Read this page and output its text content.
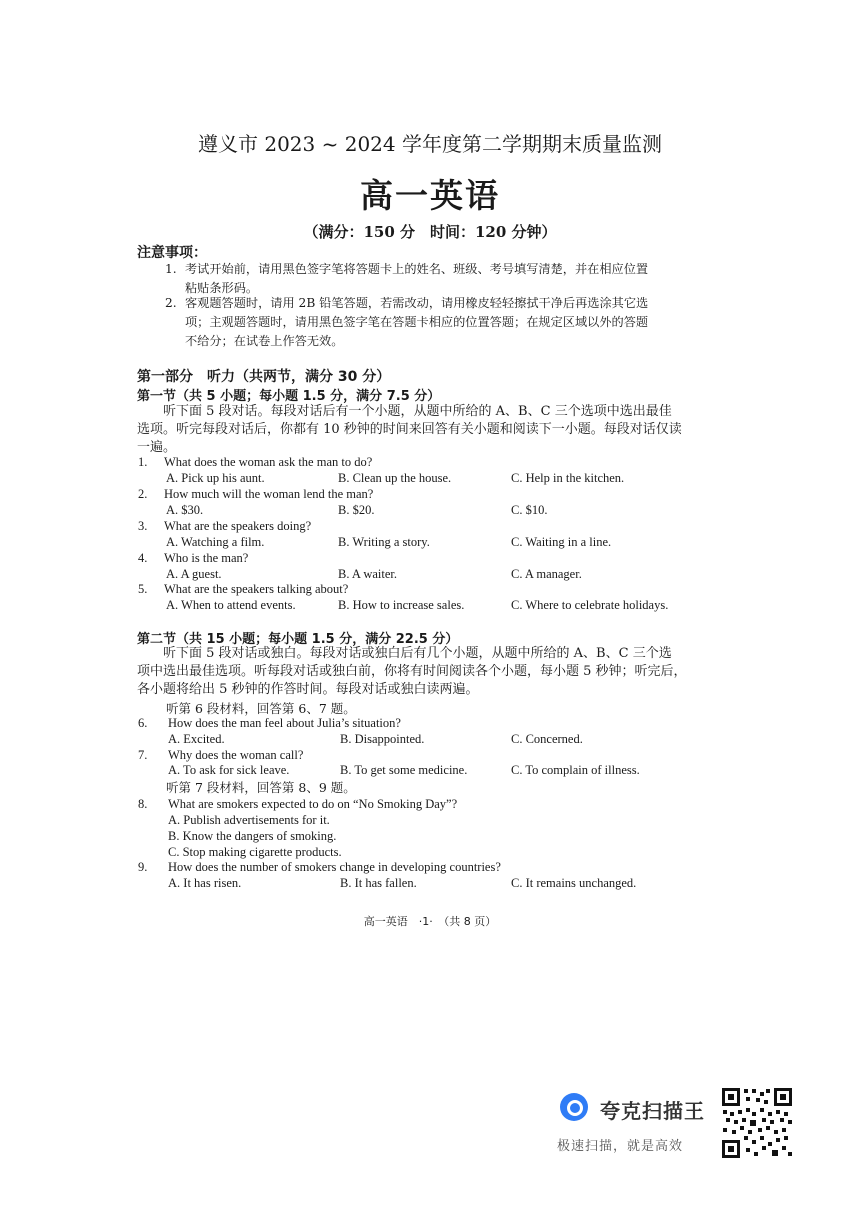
遵义市 2023 ~ 2024 学年度第二学期期末质量监测
高一英语
（满分：150 分　时间：120 分钟）
注意事项：
1. 考试开始前，请用黑色签字笔将答题卡上的姓名、班级、考号填写清楚，并在相应位置
粘贴条形码。
2. 客观题答题时，请用 2B 铅笔答题，若需改动，请用橡皮轻轻擦拭干净后再选涂其它选
项；主观题答题时，请用黑色签字笔在答题卡相应的位置答题；在规定区域以外的答题
不给分；在试卷上作答无效。
第一部分　听力（共两节，满分 30 分）
第一节（共 5 小题；每小题 1.5 分，满分 7.5 分）
　　听下面 5 段对话。每段对话后有一个小题，从题中所给的 A、B、C 三个选项中选出最佳
选项。听完每段对话后，你都有 10 秒钟的时间来回答有关小题和阅读下一小题。每段对话仅读
一遍。
1. What does the woman ask the man to do?
A. Pick up his aunt.	B. Clean up the house.	C. Help in the kitchen.
2. How much will the woman lend the man?
A. $30.	B. $20.	C. $10.
3. What are the speakers doing?
A. Watching a film.	B. Writing a story.	C. Waiting in a line.
4. Who is the man?
A. A guest.	B. A waiter.	C. A manager.
5. What are the speakers talking about?
A. When to attend events.	B. How to increase sales.	C. Where to celebrate holidays.
第二节（共 15 小题；每小题 1.5 分，满分 22.5 分）
　　听下面 5 段对话或独白。每段对话或独白后有几个小题，从题中所给的 A、B、C 三个选
项中选出最佳选项。听每段对话或独白前，你将有时间阅读各个小题，每小题 5 秒钟；听完后，
各小题将给出 5 秒钟的作答时间。每段对话或独白读两遍。
听第 6 段材料，回答第 6、7 题。
6. How does the man feel about Julia’s situation?
A. Excited.	B. Disappointed.	C. Concerned.
7. Why does the woman call?
A. To ask for sick leave.	B. To get some medicine.	C. To complain of illness.
听第 7 段材料，回答第 8、9 题。
8. What are smokers expected to do on “No Smoking Day”?
A. Publish advertisements for it.
B. Know the dangers of smoking.
C. Stop making cigarette products.
9. How does the number of smokers change in developing countries?
A. It has risen.	B. It has fallen.	C. It remains unchanged.
高一英语　·1·　（共 8 页）
夸克扫描王
极速扫描，就是高效
